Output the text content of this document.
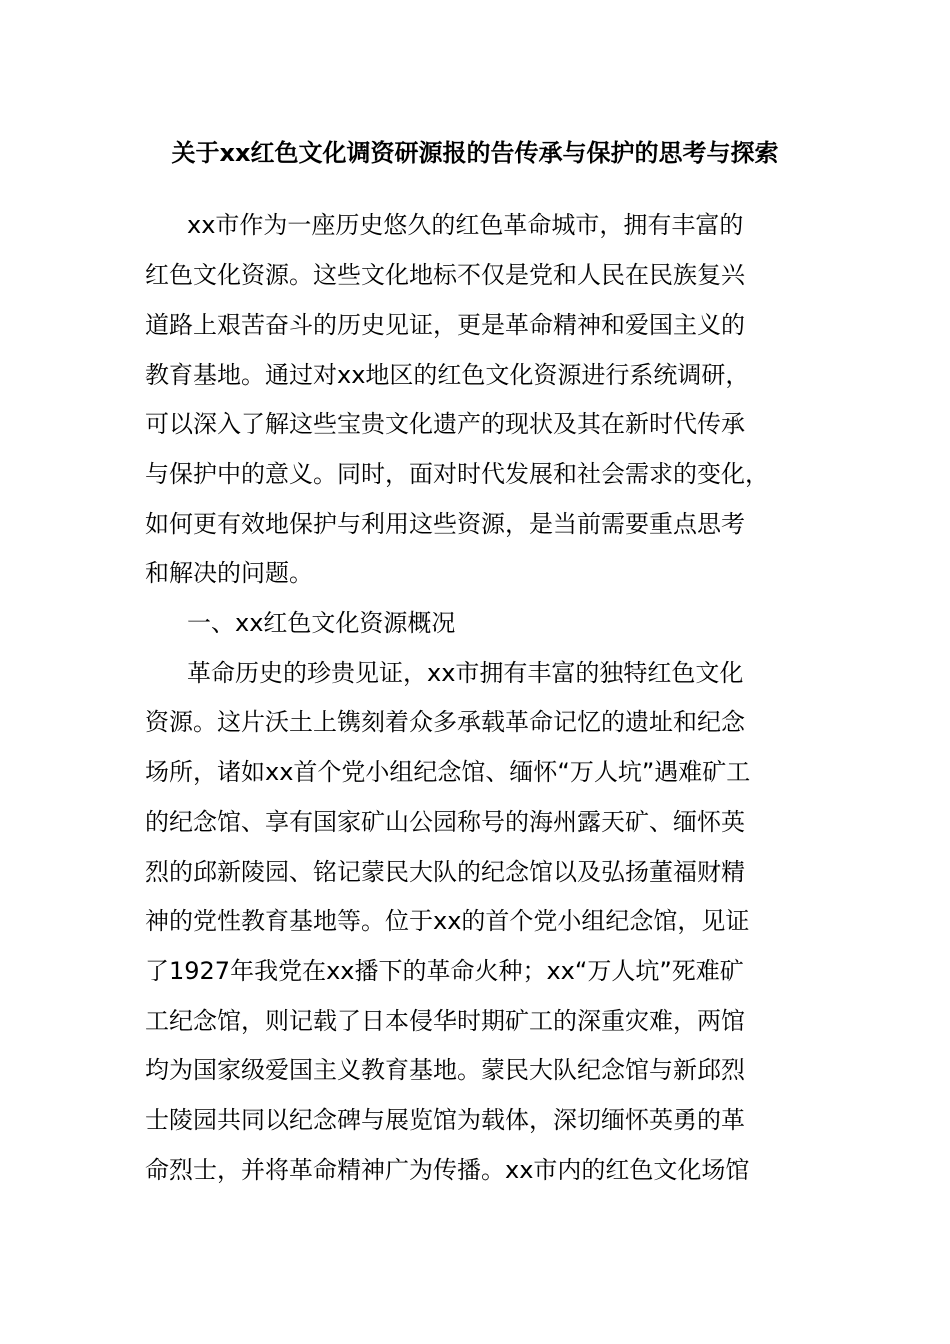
关于xx红色文化调资研源报的告传承与保护的思考与探索
xx市作为一座历史悠久的红色革命城市，拥有丰富的
红色文化资源。这些文化地标不仅是党和人民在民族复兴
道路上艰苦奋斗的历史见证，更是革命精神和爱国主义的
教育基地。通过对xx地区的红色文化资源进行系统调研，
可以深入了解这些宝贵文化遗产的现状及其在新时代传承
与保护中的意义。同时，面对时代发展和社会需求的变化，
如何更有效地保护与利用这些资源，是当前需要重点思考
和解决的问题。
一、xx红色文化资源概况
革命历史的珍贵见证，xx市拥有丰富的独特红色文化
资源。这片沃土上镌刻着众多承载革命记忆的遗址和纪念
场所，诸如xx首个党小组纪念馆、缅怀“万人坑”遇难矿工
的纪念馆、享有国家矿山公园称号的海州露天矿、缅怀英
烈的邱新陵园、铭记蒙民大队的纪念馆以及弘扬董福财精
神的党性教育基地等。位于xx的首个党小组纪念馆，见证
了1927年我党在xx播下的革命火种；xx“万人坑”死难矿
工纪念馆，则记载了日本侵华时期矿工的深重灾难，两馆
均为国家级爱国主义教育基地。蒙民大队纪念馆与新邱烈
士陵园共同以纪念碑与展览馆为载体，深切缅怀英勇的革
命烈士，并将革命精神广为传播。xx市内的红色文化场馆
